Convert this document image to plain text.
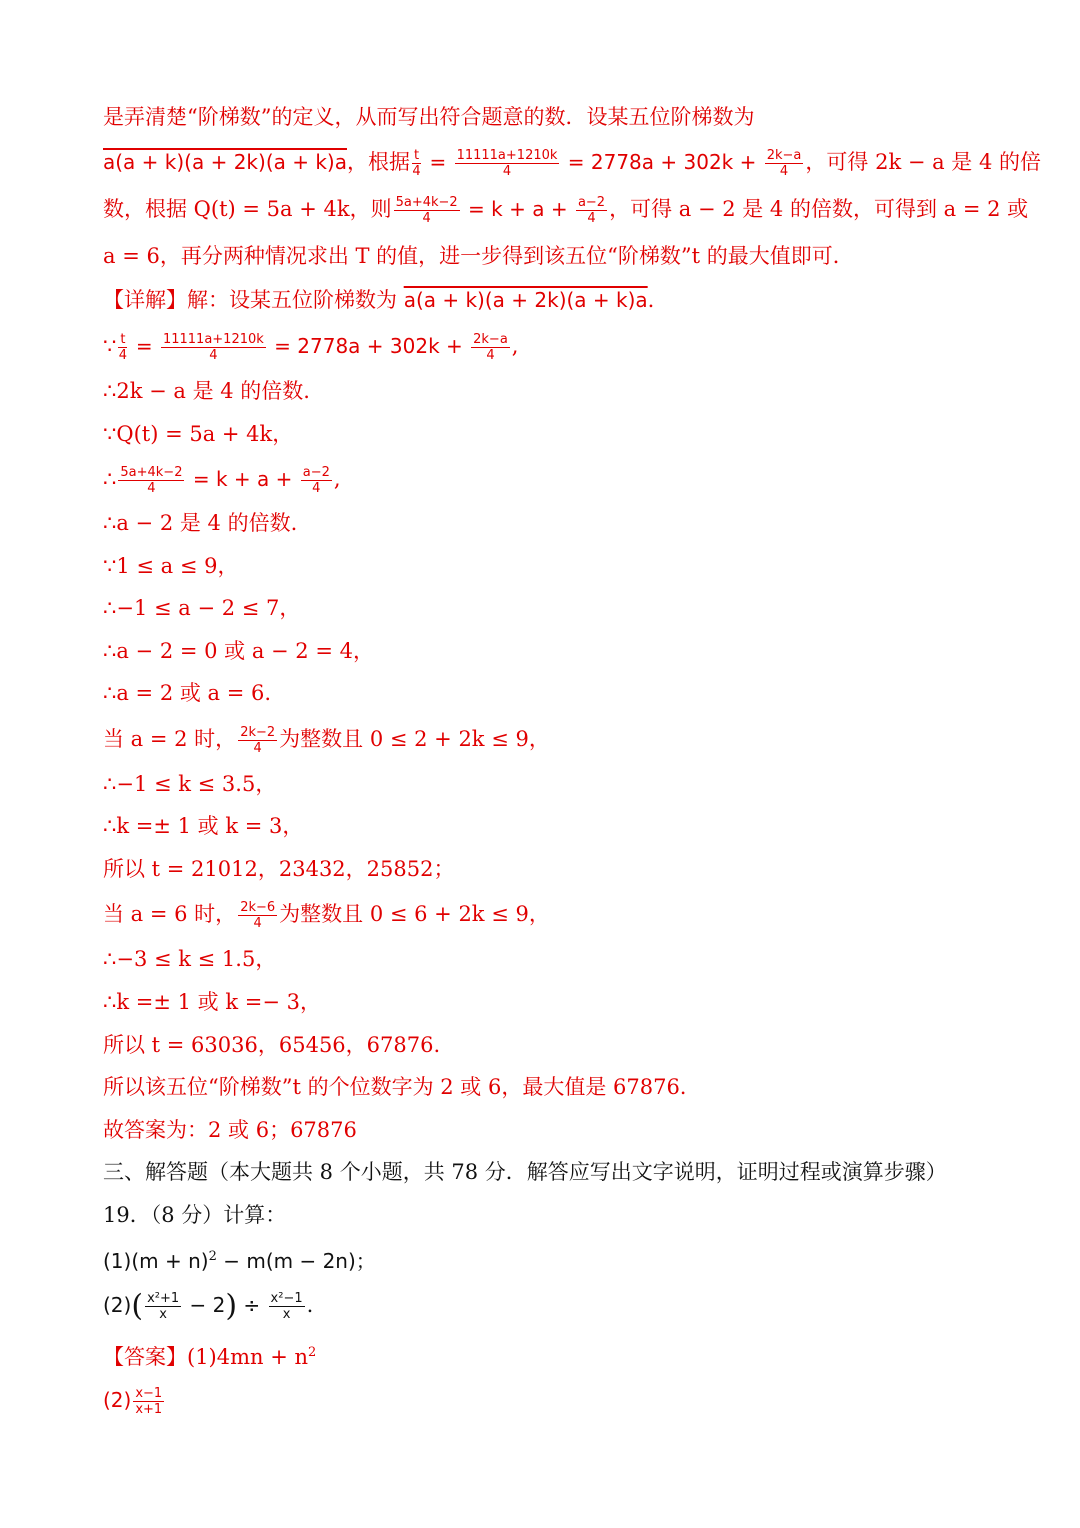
是弄清楚“阶梯数”的定义，从而写出符合题意的数．设某五位阶梯数为
a(a + k)(a + 2k)(a + k)a，根据 $\frac{t}{4} = \frac{11111a+1210k}{4} = 2778a + 302k + \frac{2k-a}{4}$ ，可得 2k − a 是 4 的倍
数，根据 Q(t) = 5a + 4k，则 $\frac{5a+4k-2}{4} = k + a + \frac{a-2}{4}$ ，可得 a − 2 是 4 的倍数，可得到 a = 2 或
a = 6，再分两种情况求出 T 的值，进一步得到该五位“阶梯数”t 的最大值即可．
【详解】解：设某五位阶梯数为 a(a + k)(a + 2k)(a + k)a.
∵ $\frac{t}{4} = \frac{11111a+1210k}{4} = 2778a + 302k + \frac{2k-a}{4}$ ,
∴2k − a 是 4 的倍数.
∵Q(t) = 5a + 4k，
∴ $\frac{5a+4k-2}{4} = k + a + \frac{a-2}{4}$ ,
∴a − 2 是 4 的倍数.
∵1 ≤ a ≤ 9，
∴−1 ≤ a − 2 ≤ 7，
∴a − 2 = 0 或 a − 2 = 4，
∴a = 2 或 a = 6.
当 a = 2 时， $\frac{2k-2}{4}$ 为整数且 0 ≤ 2 + 2k ≤ 9，
∴−1 ≤ k ≤ 3.5，
∴k =± 1 或 k = 3，
所以 t = 21012，23432，25852；
当 a = 6 时， $\frac{2k-6}{4}$ 为整数且 0 ≤ 6 + 2k ≤ 9，
∴−3 ≤ k ≤ 1.5，
∴k =± 1 或 k =− 3，
所以 t = 63036，65456，67876.
所以该五位“阶梯数”t 的个位数字为 2 或 6，最大值是 67876.
故答案为：2 或 6；67876
三、解答题（本大题共 8 个小题，共 78 分．解答应写出文字说明，证明过程或演算步骤）
19．（8 分）计算：
$(1)(m + n)^2 - m(m - 2n)$；
$(2)( \frac{\text{x²+1}}{x} - 2) \div \frac{\text{x²−1}}{x}$ .
【答案】$(1)4mn + n^2$
$(2) \frac{x-1}{x+1}$
